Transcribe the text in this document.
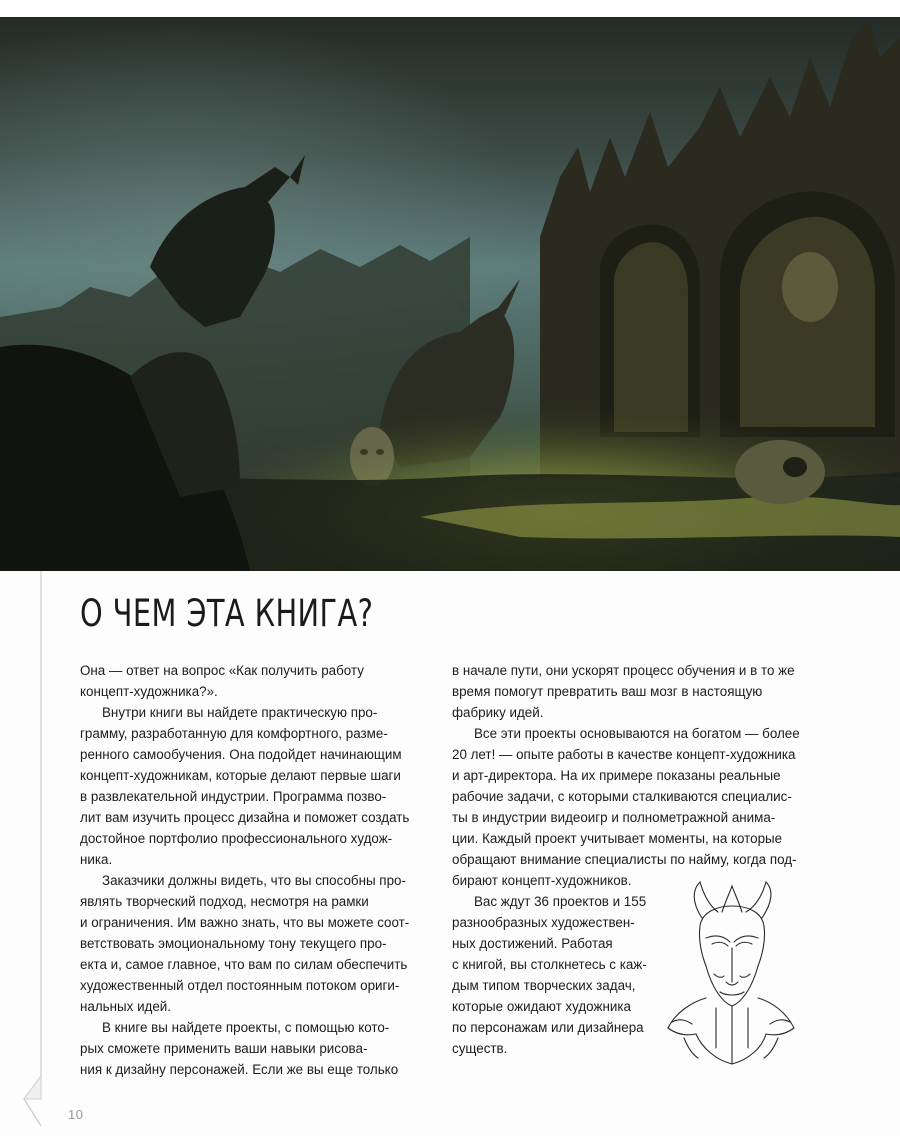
О ЧЕМ ЭТА КНИГА?
Она — ответ на вопрос «Как получить работу
концепт-художника?».
Внутри книги вы найдете практическую про-
грамму, разработанную для комфортного, разме-
ренного самообучения. Она подойдет начинающим
концепт-художникам, которые делают первые шаги
в развлекательной индустрии. Программа позво-
лит вам изучить процесс дизайна и поможет создать
достойное портфолио профессионального худож-
ника.
Заказчики должны видеть, что вы способны про-
являть творческий подход, несмотря на рамки
и ограничения. Им важно знать, что вы можете соот-
ветствовать эмоциональному тону текущего про-
екта и, самое главное, что вам по силам обеспечить
художественный отдел постоянным потоком ориги-
нальных идей.
В книге вы найдете проекты, с помощью кото-
рых сможете применить ваши навыки рисова-
ния к дизайну персонажей. Если же вы еще только
в начале пути, они ускорят процесс обучения и в то же
время помогут превратить ваш мозг в настоящую
фабрику идей.
Все эти проекты основываются на богатом — более
20 лет! — опыте работы в качестве концепт-художника
и арт-директора. На их примере показаны реальные
рабочие задачи, с которыми сталкиваются специалис-
ты в индустрии видеоигр и полнометражной анима-
ции. Каждый проект учитывает моменты, на которые
обращают внимание специалисты по найму, когда под-
бирают концепт-художников.
Вас ждут 36 проектов и 155
разнообразных художествен-
ных достижений. Работая
с книгой, вы столкнетесь с каж-
дым типом творческих задач,
которые ожидают художника
по персонажам или дизайнера
существ.
10
